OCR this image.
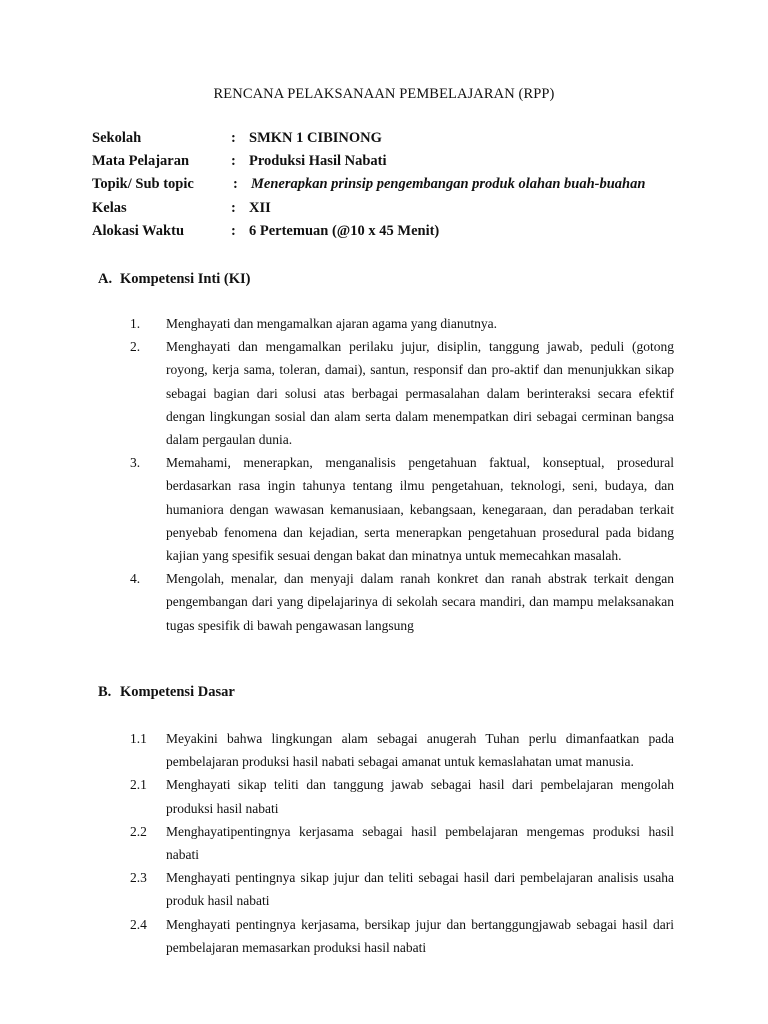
RENCANA PELAKSANAAN PEMBELAJARAN (RPP)
Sekolah	: SMKN 1 CIBINONG
Mata Pelajaran	: Produksi Hasil Nabati
Topik/ Sub topic	: Menerapkan prinsip pengembangan produk olahan buah-buahan
Kelas	: XII
Alokasi Waktu	: 6 Pertemuan (@10 x 45 Menit)
A. Kompetensi Inti (KI)
1. Menghayati dan mengamalkan ajaran agama yang dianutnya.
2. Menghayati dan mengamalkan perilaku jujur, disiplin, tanggung jawab, peduli (gotong royong, kerja sama, toleran, damai), santun, responsif dan pro-aktif dan menunjukkan sikap sebagai bagian dari solusi atas berbagai permasalahan dalam berinteraksi secara efektif dengan lingkungan sosial dan alam serta dalam menempatkan diri sebagai cerminan bangsa dalam pergaulan dunia.
3. Memahami, menerapkan, menganalisis pengetahuan faktual, konseptual, prosedural berdasarkan rasa ingin tahunya tentang ilmu pengetahuan, teknologi, seni, budaya, dan humaniora dengan wawasan kemanusiaan, kebangsaan, kenegaraan, dan peradaban terkait penyebab fenomena dan kejadian, serta menerapkan pengetahuan prosedural pada bidang kajian yang spesifik sesuai dengan bakat dan minatnya untuk memecahkan masalah.
4. Mengolah, menalar, dan menyaji dalam ranah konkret dan ranah abstrak terkait dengan pengembangan dari yang dipelajarinya di sekolah secara mandiri, dan mampu melaksanakan tugas spesifik di bawah pengawasan langsung
B. Kompetensi Dasar
1.1 Meyakini bahwa lingkungan alam sebagai anugerah Tuhan perlu dimanfaatkan pada pembelajaran produksi hasil nabati sebagai amanat untuk kemaslahatan umat manusia.
2.1 Menghayati sikap teliti dan tanggung jawab sebagai hasil dari pembelajaran mengolah produksi hasil nabati
2.2 Menghayatipentingnya kerjasama sebagai hasil pembelajaran mengemas produksi hasil nabati
2.3 Menghayati pentingnya sikap jujur dan teliti sebagai hasil dari pembelajaran analisis usaha produk hasil nabati
2.4 Menghayati pentingnya kerjasama, bersikap jujur dan bertanggungjawab sebagai hasil dari pembelajaran memasarkan produksi hasil nabati
